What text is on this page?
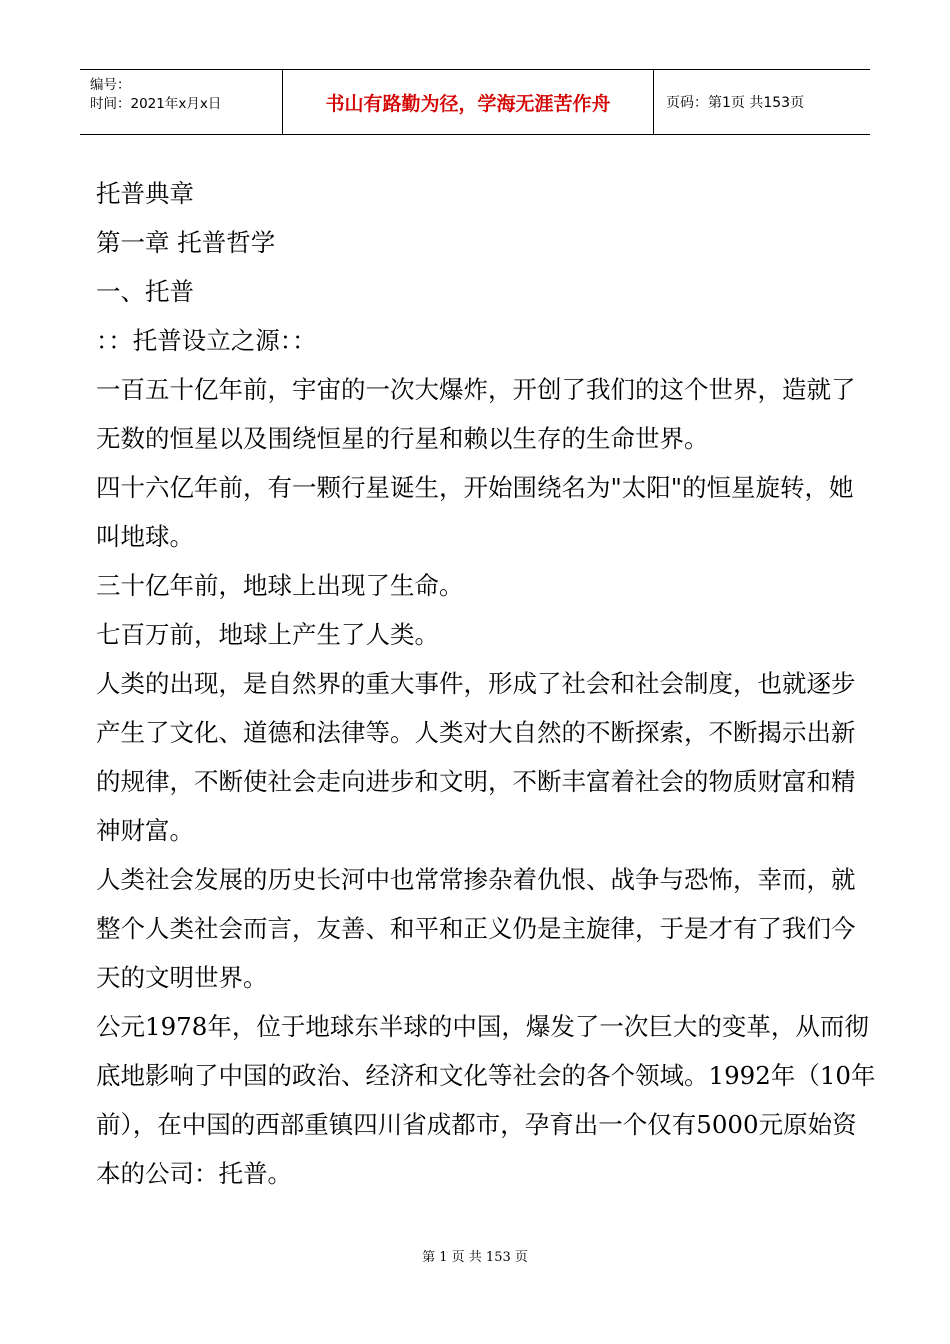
编号：
时间：2021年x月x日	书山有路勤为径，学海无涯苦作舟	页码：第1页 共153页

托普典章

第一章 托普哲学

一、托普

：：托普设立之源：：

一百五十亿年前，宇宙的一次大爆炸，开创了我们的这个世界，造就了无数的恒星以及围绕恒星的行星和赖以生存的生命世界。

四十六亿年前，有一颗行星诞生，开始围绕名为"太阳"的恒星旋转，她叫地球。

三十亿年前，地球上出现了生命。

七百万前，地球上产生了人类。

人类的出现，是自然界的重大事件，形成了社会和社会制度，也就逐步产生了文化、道德和法律等。人类对大自然的不断探索，不断揭示出新的规律，不断使社会走向进步和文明，不断丰富着社会的物质财富和精神财富。

人类社会发展的历史长河中也常常掺杂着仇恨、战争与恐怖，幸而，就整个人类社会而言，友善、和平和正义仍是主旋律，于是才有了我们今天的文明世界。

公元1978年，位于地球东半球的中国，爆发了一次巨大的变革，从而彻底地影响了中国的政治、经济和文化等社会的各个领域。1992年（10年前），在中国的西部重镇四川省成都市，孕育出一个仅有5000元原始资本的公司：托普。

第 1 页 共 153 页
